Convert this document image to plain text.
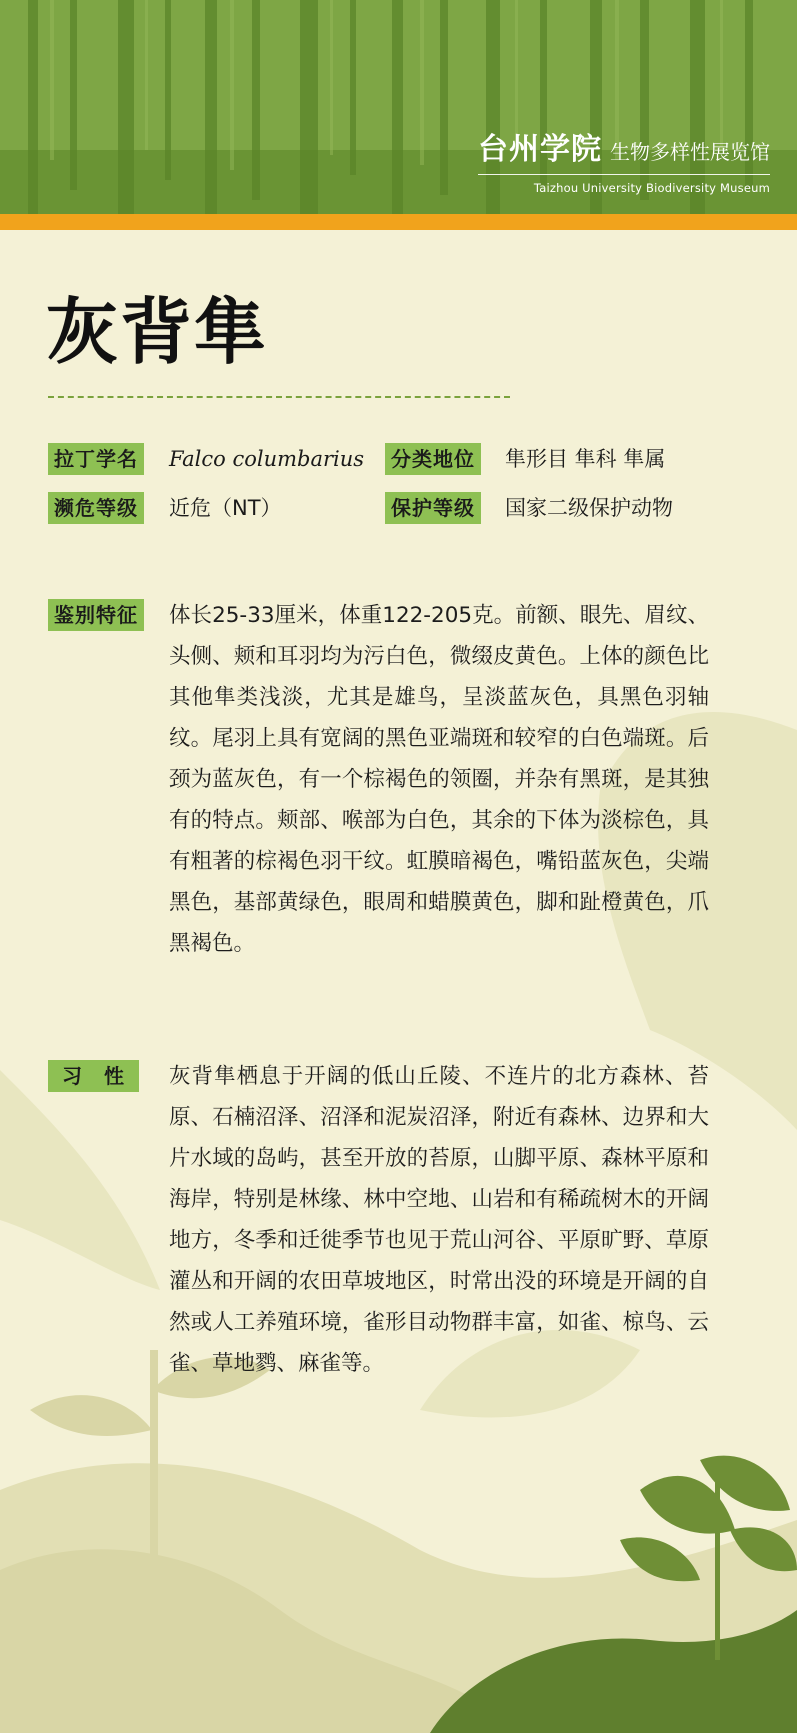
台州学院 生物多样性展览馆
Taizhou University Biodiversity Museum
灰背隼
拉丁学名 Falco columbarius	分类地位 隼形目 隼科 隼属
濒危等级 近危（NT）	保护等级 国家二级保护动物
鉴别特征 体长25-33厘米，体重122-205克。前额、眼先、眉纹、头侧、颊和耳羽均为污白色，微缀皮黄色。上体的颜色比其他隼类浅淡，尤其是雄鸟，呈淡蓝灰色，具黑色羽轴纹。尾羽上具有宽阔的黑色亚端斑和较窄的白色端斑。后颈为蓝灰色，有一个棕褐色的领圈，并杂有黑斑，是其独有的特点。颊部、喉部为白色，其余的下体为淡棕色，具有粗著的棕褐色羽干纹。虹膜暗褐色，嘴铅蓝灰色，尖端黑色，基部黄绿色，眼周和蜡膜黄色，脚和趾橙黄色，爪黑褐色。
习　性	灰背隼栖息于开阔的低山丘陵、不连片的北方森林、苔原、石楠沼泽、沼泽和泥炭沼泽，附近有森林、边界和大片水域的岛屿，甚至开放的苔原，山脚平原、森林平原和海岸，特别是林缘、林中空地、山岩和有稀疏树木的开阔地方，冬季和迁徙季节也见于荒山河谷、平原旷野、草原灌丛和开阔的农田草坡地区，时常出没的环境是开阔的自然或人工养殖环境，雀形目动物群丰富，如雀、椋鸟、云雀、草地鹨、麻雀等。
